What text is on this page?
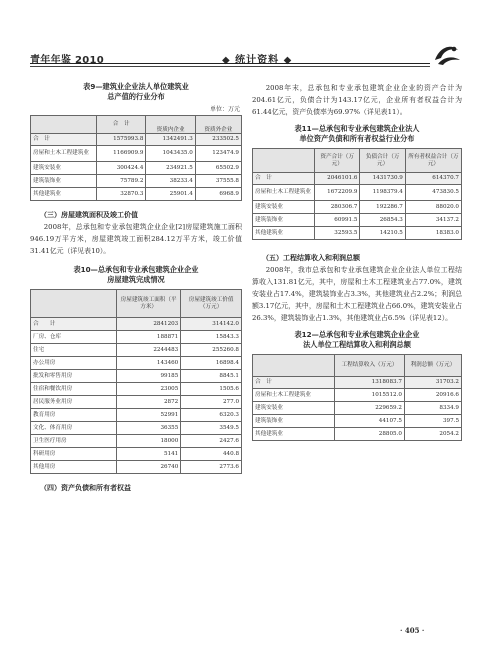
青年年鉴 2010	◆ 统计资料 ◆
表9—建筑业企业法人单位建筑业
总产值的行业分布
单位：万元
	合　计	资质内企业	资质外企业
合　计	1575993.8	1342491.3	233502.5
房屋和土木工程建筑业	1166909.9	1043435.0	123474.9
建筑安装业	300424.4	234921.5	65502.9
建筑装饰业	75789.2	38233.4	37555.8
其他建筑业	32870.3	25901.4	6968.9
（三）房屋建筑面积及竣工价值

2008年，总承包和专业承包建筑企业企业[2]房屋建筑施工面积946.19万平方米，房屋建筑竣工面积284.12万平方米，竣工价值31.41亿元（详见表10）。

表10—总承包和专业承包建筑企业企业
房屋建筑完成情况
	房屋建筑竣工面积（平方米）	房屋建筑竣工价值（万元）
合　　计	2841203	314142.0
厂房、仓库	188871	15843.3
住宅	2244483	255260.8
办公用房	143460	16898.4
批发和零售用房	99185	8845.1
住宿和餐饮用房	23005	1505.6
居民服务业用房	2872	277.0
教育用房	52991	6320.3
文化、体育用房	36355	3549.5
卫生医疗用房	18000	2427.6
科研用房	5141	440.8
其他用房	26740	2773.6
（四）资产负债和所有者权益

2008年末，总承包和专业承包建筑企业企业的资产合计为204.61亿元，负债合计为143.17亿元，企业所有者权益合计为61.44亿元，资产负债率为69.97%（详见表11）。

表11—总承包和专业承包建筑企业法人
单位资产负债和所有者权益行业分布
	资产合计（万元）	负债合计（万元）	所有者权益合计（万元）
合　计	2046101.6	1431730.9	614370.7
房屋和土木工程建筑业	1672209.9	1198379.4	473830.5
建筑安装业	280306.7	192286.7	88020.0
建筑装饰业	60991.5	26854.3	34137.2
其他建筑业	32593.5	14210.5	18383.0
（五）工程结算收入和利润总额

2008年，我市总承包和专业承包建筑企业企业法人单位工程结算收入131.81亿元，其中，房屋和土木工程建筑业占77.0%，建筑安装业占17.4%，建筑装饰业占3.3%，其他建筑业占2.2%；利润总额3.17亿元，其中，房屋和土木工程建筑业占66.0%，建筑安装业占26.3%，建筑装饰业占1.3%，其他建筑业占6.5%（详见表12）。

表12—总承包和专业承包建筑企业企业
法人单位工程结算收入和利润总额
	工程结算收入（万元）	利润总额（万元）
合　计	1318083.7	31703.2
房屋和土木工程建筑业	1015512.0	20916.6
建筑安装业	229659.2	8334.9
建筑装饰业	44107.5	397.5
其他建筑业	28805.0	2054.2
· 405 ·
